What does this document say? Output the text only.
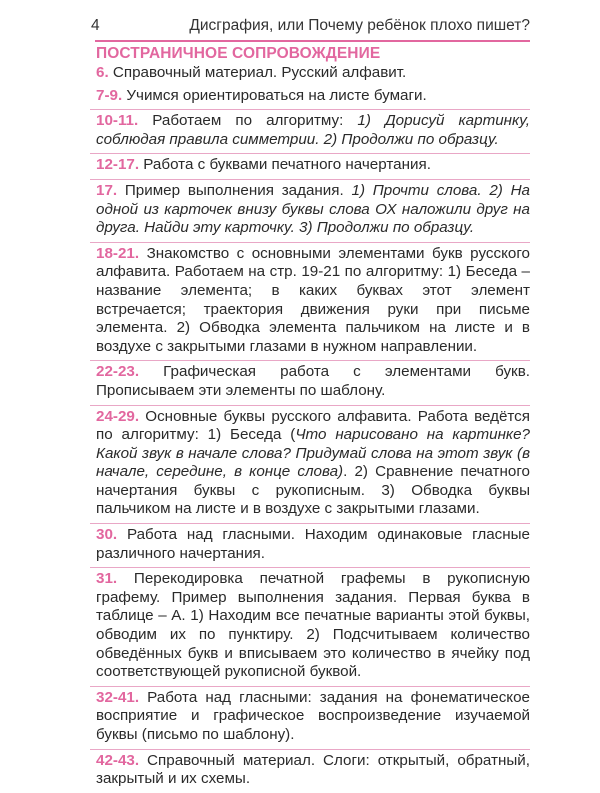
4	Дисграфия, или Почему ребёнок плохо пишет?
ПОСТРАНИЧНОЕ СОПРОВОЖДЕНИЕ
6. Справочный материал. Русский алфавит.
7-9. Учимся ориентироваться на листе бумаги.
10-11. Работаем по алгоритму: 1) Дорисуй картинку, соблюдая правила симметрии. 2) Продолжи по образцу.
12-17. Работа с буквами печатного начертания.
17. Пример выполнения задания. 1) Прочти слова. 2) На одной из карточек внизу буквы слова ОХ наложили друг на друга. Найди эту карточку. 3) Продолжи по образцу.
18-21. Знакомство с основными элементами букв русского алфавита. Работаем на стр. 19-21 по алгоритму: 1) Беседа – название элемента; в каких буквах этот элемент встречается; траектория движения руки при письме элемента. 2) Обводка элемента пальчиком на листе и в воздухе с закрытыми глазами в нужном направлении.
22-23. Графическая работа с элементами букв. Прописываем эти элементы по шаблону.
24-29. Основные буквы русского алфавита. Работа ведётся по алгоритму: 1) Беседа (Что нарисовано на картинке? Какой звук в начале слова? Придумай слова на этот звук (в начале, середине, в конце слова). 2) Сравнение печатного начертания буквы с рукописным. 3) Обводка буквы пальчиком на листе и в воздухе с закрытыми глазами.
30. Работа над гласными. Находим одинаковые гласные различного начертания.
31. Перекодировка печатной графемы в рукописную графему. Пример выполнения задания. Первая буква в таблице – А. 1) Находим все печатные варианты этой буквы, обводим их по пунктиру. 2) Подсчитываем количество обведённых букв и вписываем это количество в ячейку под соответствующей рукописной буквой.
32-41. Работа над гласными: задания на фонематическое восприятие и графическое воспроизведение изучаемой буквы (письмо по шаблону).
42-43. Справочный материал. Слоги: открытый, обратный, закрытый и их схемы.
